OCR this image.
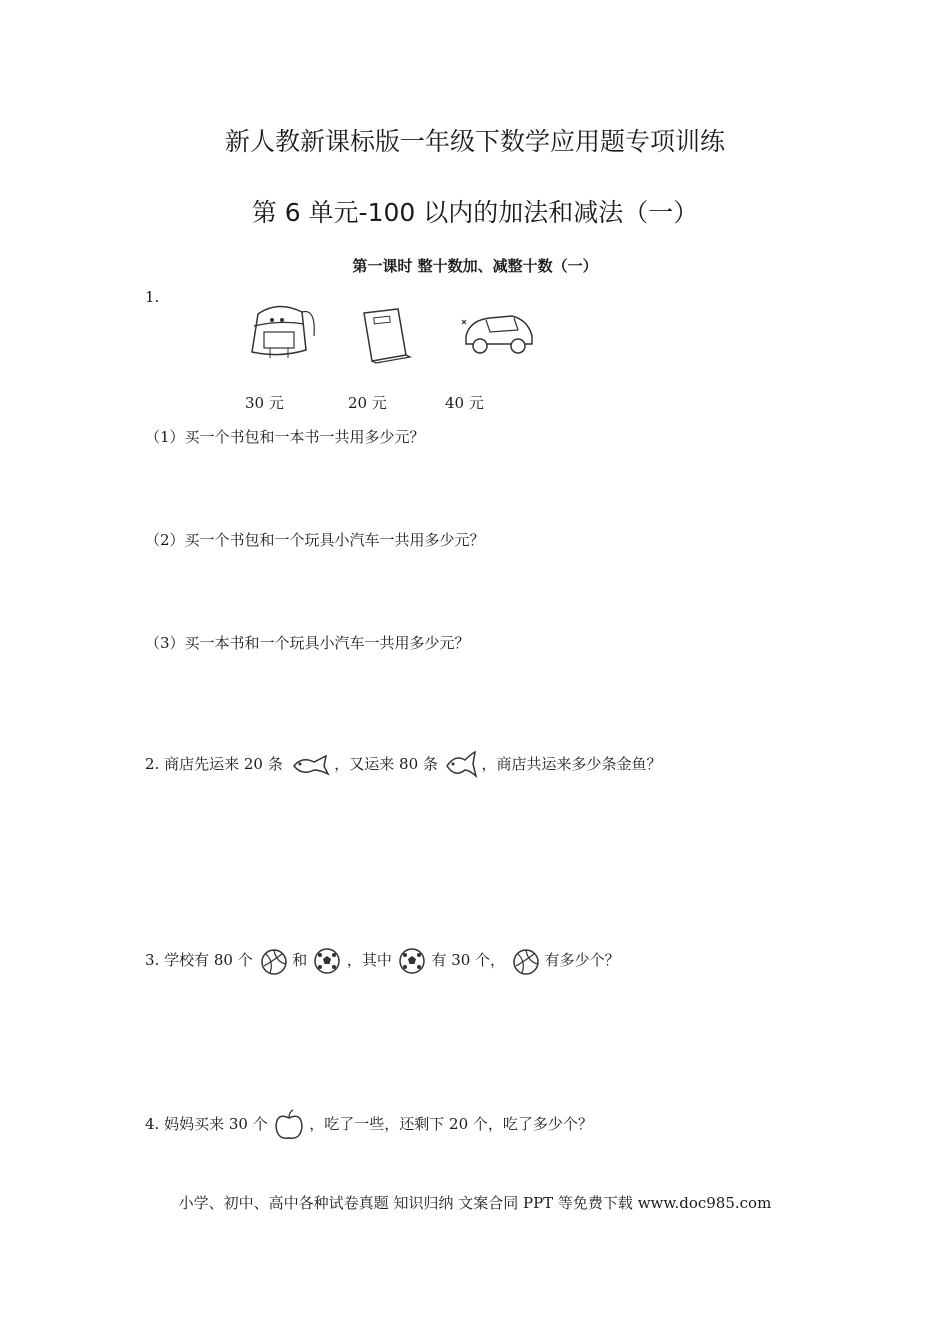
新人教新课标版一年级下数学应用题专项训练
第 6 单元-100 以内的加法和减法（一）
第一课时 整十数加、减整十数（一）
1.
30 元	20 元	40 元
（1）买一个书包和一本书一共用多少元？
（2）买一个书包和一个玩具小汽车一共用多少元？
（3）买一本书和一个玩具小汽车一共用多少元？
2. 商店先运来 20 条	，又运来 80 条	，商店共运来多少条金鱼？
3. 学校有 80 个	和	，其中	有 30 个，	有多少个？
4. 妈妈买来 30 个	，吃了一些，还剩下 20 个，吃了多少个？
小学、初中、高中各种试卷真题 知识归纳 文案合同 PPT 等免费下载 www.doc985.com
